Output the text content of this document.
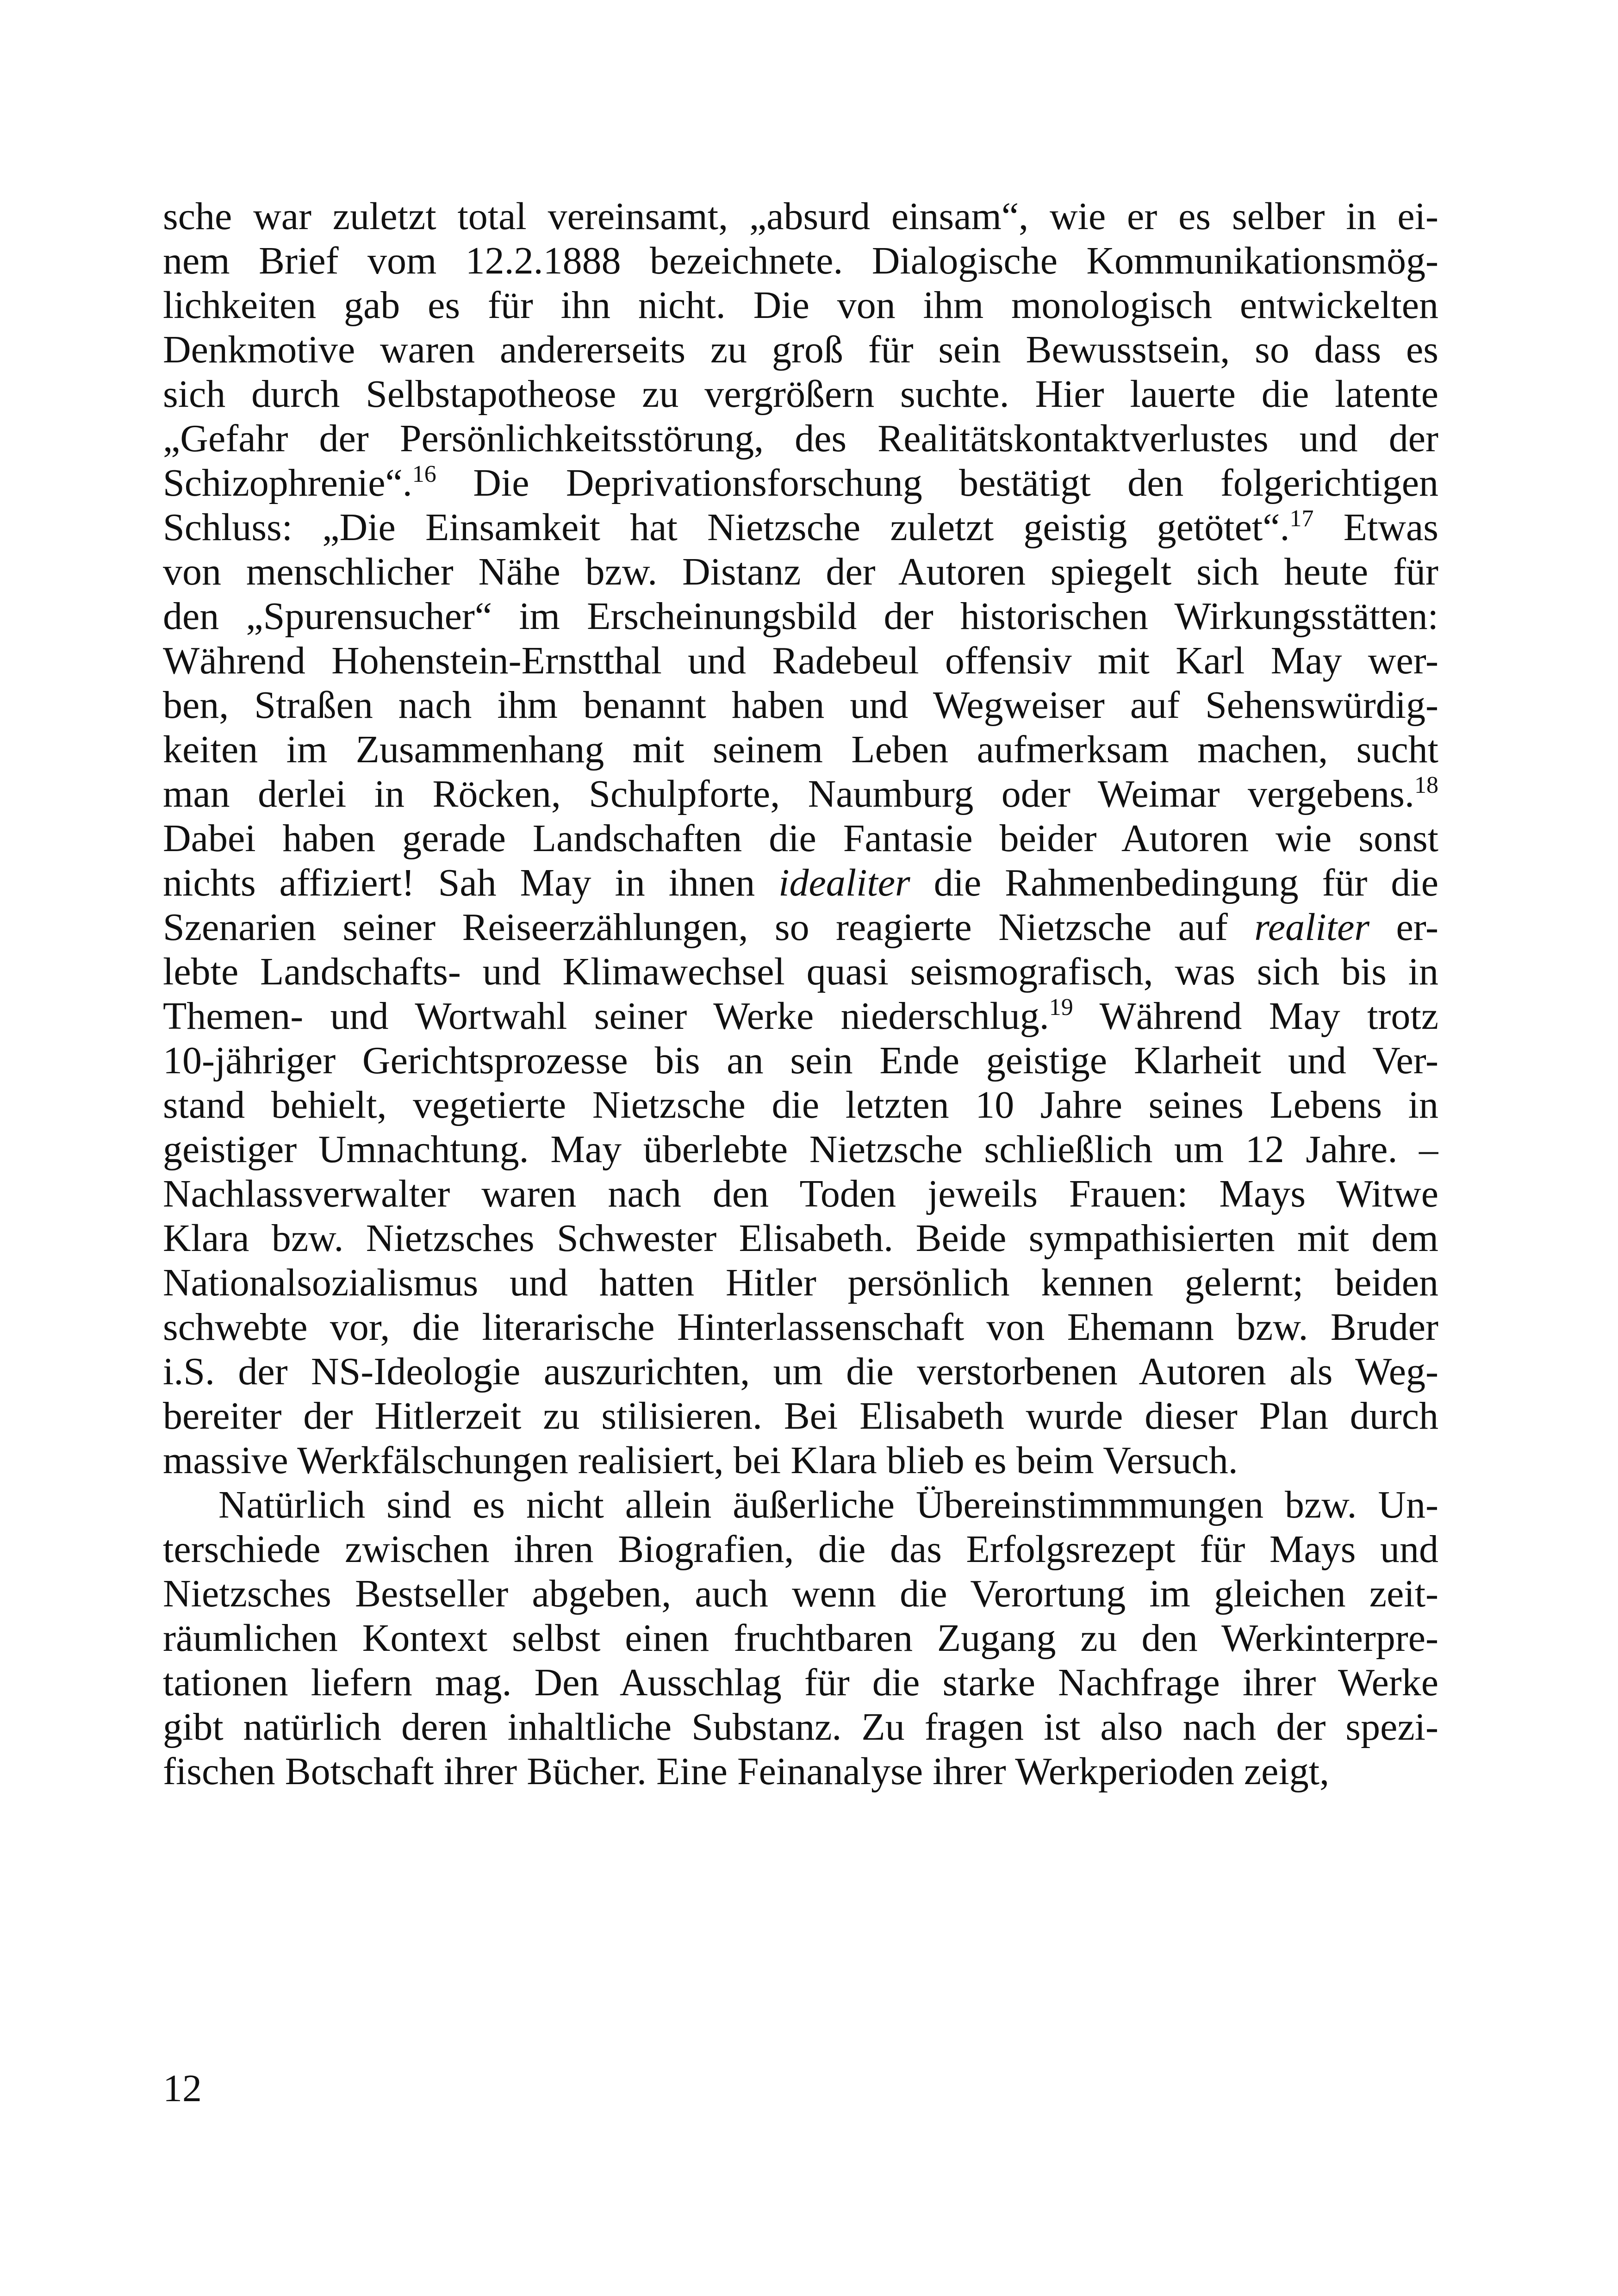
sche war zuletzt total vereinsamt, „absurd einsam“, wie er es selber in ei-
nem Brief vom 12.2.1888 bezeichnete. Dialogische Kommunikationsmög-
lichkeiten gab es für ihn nicht. Die von ihm monologisch entwickelten
Denkmotive waren andererseits zu groß für sein Bewusstsein, so dass es
sich durch Selbstapotheose zu vergrößern suchte. Hier lauerte die latente
„Gefahr der Persönlichkeitsstörung, des Realitätskontaktverlustes und der
Schizophrenie“.$^{16}$ Die Deprivationsforschung bestätigt den folgerichtigen
Schluss: „Die Einsamkeit hat Nietzsche zuletzt geistig getötet“.$^{17}$ Etwas
von menschlicher Nähe bzw. Distanz der Autoren spiegelt sich heute für
den „Spurensucher“ im Erscheinungsbild der historischen Wirkungsstätten:
Während Hohenstein-Ernstthal und Radebeul offensiv mit Karl May wer-
ben, Straßen nach ihm benannt haben und Wegweiser auf Sehenswürdig-
keiten im Zusammenhang mit seinem Leben aufmerksam machen, sucht
man derlei in Röcken, Schulpforte, Naumburg oder Weimar vergebens.$^{18}$
Dabei haben gerade Landschaften die Fantasie beider Autoren wie sonst
nichts affiziert! Sah May in ihnen idealiter die Rahmenbedingung für die
Szenarien seiner Reiseerzählungen, so reagierte Nietzsche auf realiter er-
lebte Landschafts- und Klimawechsel quasi seismografisch, was sich bis in
Themen- und Wortwahl seiner Werke niederschlug.$^{19}$ Während May trotz
10-jähriger Gerichtsprozesse bis an sein Ende geistige Klarheit und Ver-
stand behielt, vegetierte Nietzsche die letzten 10 Jahre seines Lebens in
geistiger Umnachtung. May überlebte Nietzsche schließlich um 12 Jahre. –
Nachlassverwalter waren nach den Toden jeweils Frauen: Mays Witwe
Klara bzw. Nietzsches Schwester Elisabeth. Beide sympathisierten mit dem
Nationalsozialismus und hatten Hitler persönlich kennen gelernt; beiden
schwebte vor, die literarische Hinterlassenschaft von Ehemann bzw. Bruder
i.S. der NS-Ideologie auszurichten, um die verstorbenen Autoren als Weg-
bereiter der Hitlerzeit zu stilisieren. Bei Elisabeth wurde dieser Plan durch
massive Werkfälschungen realisiert, bei Klara blieb es beim Versuch.
Natürlich sind es nicht allein äußerliche Übereinstimmmungen bzw. Un-
terschiede zwischen ihren Biografien, die das Erfolgsrezept für Mays und
Nietzsches Bestseller abgeben, auch wenn die Verortung im gleichen zeit-
räumlichen Kontext selbst einen fruchtbaren Zugang zu den Werkinterpre-
tationen liefern mag. Den Ausschlag für die starke Nachfrage ihrer Werke
gibt natürlich deren inhaltliche Substanz. Zu fragen ist also nach der spezi-
fischen Botschaft ihrer Bücher. Eine Feinanalyse ihrer Werkperioden zeigt,
12
